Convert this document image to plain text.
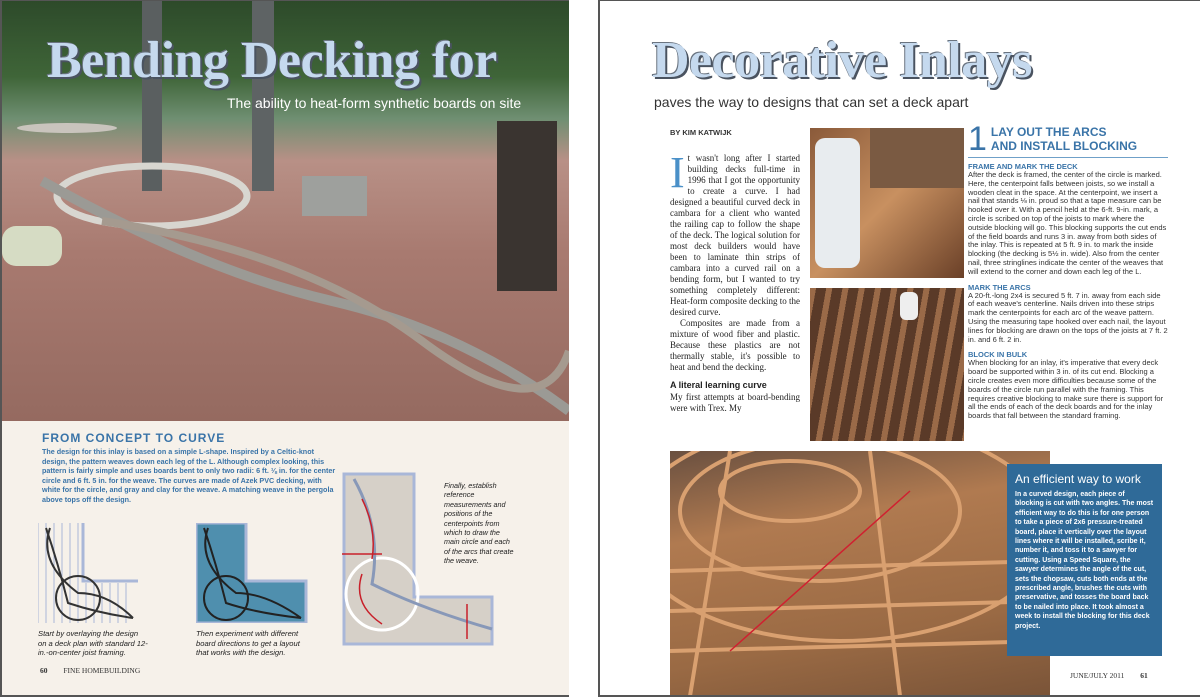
Bending Decking for
The ability to heat-form synthetic boards on site
FROM CONCEPT TO CURVE
The design for this inlay is based on a simple L-shape. Inspired by a Celtic-knot design, the pattern weaves down each leg of the L. Although complex looking, this pattern is fairly simple and uses boards bent to only two radii: 6 ft. ⅛ in. for the center circle and 6 ft. 5 in. for the weave. The curves are made of Azek PVC decking, with white for the circle, and gray and clay for the weave. A matching weave in the pergola above tops off the design.
Start by overlaying the design on a deck plan with standard 12-in.-on-center joist framing.
Then experiment with different board directions to get a layout that works with the design.
Finally, establish reference measurements and positions of the centerpoints from which to draw the main circle and each of the arcs that create the weave.
60 FINE HOMEBUILDING
Decorative Inlays
paves the way to designs that can set a deck apart
BY KIM KATWIJK
It wasn't long after I started building decks full-time in 1996 that I got the opportunity to create a curve. I had designed a beautiful curved deck in cambara for a client who wanted the railing cap to follow the shape of the deck. The logical solution for most deck builders would have been to laminate thin strips of cambara into a curved rail on a bending form, but I wanted to try something completely different: Heat-form composite decking to the desired curve.
Composites are made from a mixture of wood fiber and plastic. Because these plastics are not thermally stable, it's possible to heat and bend the decking.
A literal learning curve
My first attempts at board-bending were with Trex. My
1 LAY OUT THE ARCS
AND INSTALL BLOCKING
FRAME AND MARK THE DECK
After the deck is framed, the center of the circle is marked. Here, the centerpoint falls between joists, so we install a wooden cleat in the space. At the centerpoint, we insert a nail that stands ⅛ in. proud so that a tape measure can be hooked over it. With a pencil held at the 6-ft. 9-in. mark, a circle is scribed on top of the joists to mark where the outside blocking will go. This blocking supports the cut ends of the field boards and runs 3 in. away from both sides of the inlay. This is repeated at 5 ft. 9 in. to mark the inside blocking (the decking is 5½ in. wide). Also from the center nail, three stringlines indicate the center of the weaves that will extend to the corner and down each leg of the L.
MARK THE ARCS
A 20-ft.-long 2x4 is secured 5 ft. 7 in. away from each side of each weave's centerline. Nails driven into these strips mark the centerpoints for each arc of the weave pattern. Using the measuring tape hooked over each nail, the layout lines for blocking are drawn on the tops of the joists at 7 ft. 2 in. and 6 ft. 2 in.
BLOCK IN BULK
When blocking for an inlay, it's imperative that every deck board be supported within 3 in. of its cut end. Blocking a circle creates even more difficulties because some of the boards of the circle run parallel with the framing. This requires creative blocking to make sure there is support for all the ends of each of the deck boards and for the inlay boards that fall between the standard framing.
An efficient way to work
In a curved design, each piece of blocking is cut with two angles. The most efficient way to do this is for one person to take a piece of 2x6 pressure-treated board, place it vertically over the layout lines where it will be installed, scribe it, number it, and toss it to a sawyer for cutting. Using a Speed Square, the sawyer determines the angle of the cut, sets the chopsaw, cuts both ends at the prescribed angle, brushes the cuts with preservative, and tosses the board back to be nailed into place. It took almost a week to install the blocking for this deck project.
JUNE/JULY 2011 61
